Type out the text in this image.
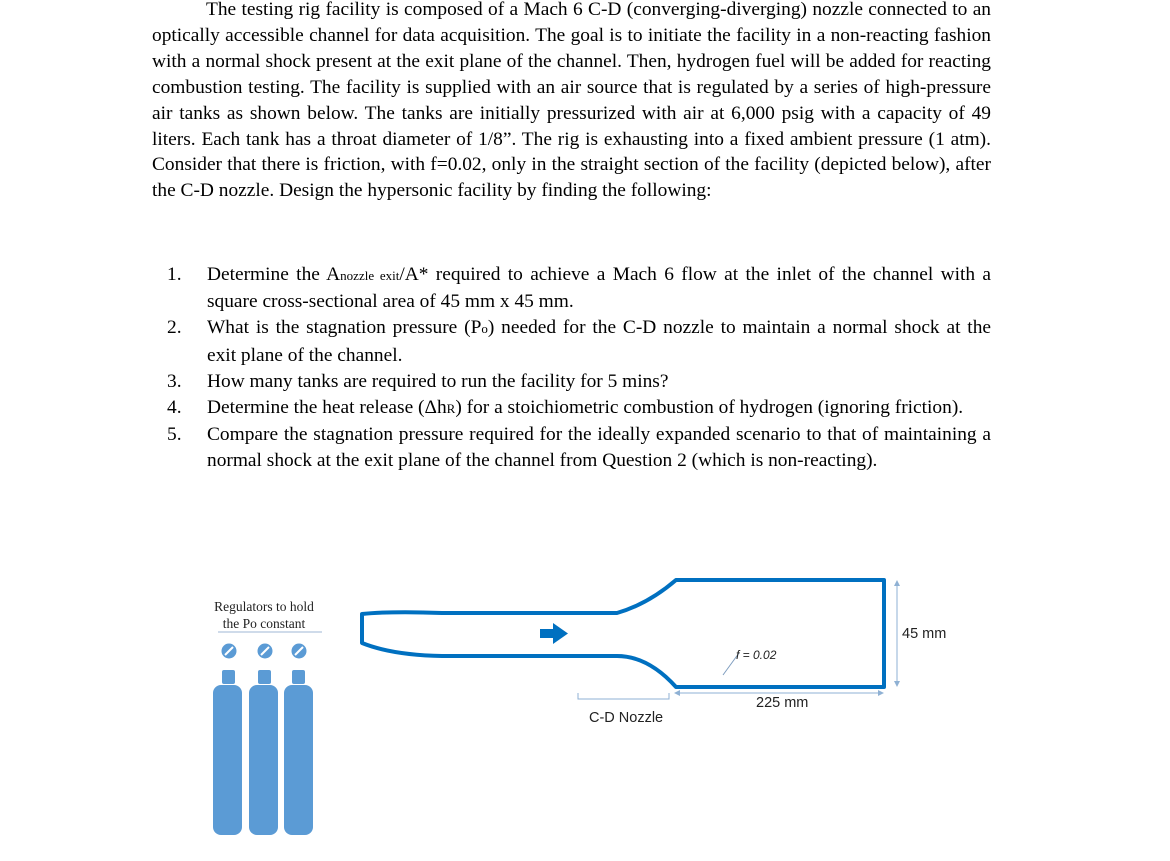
The testing rig facility is composed of a Mach 6 C-D (converging-diverging) nozzle connected to an optically accessible channel for data acquisition. The goal is to initiate the facility in a non-reacting fashion with a normal shock present at the exit plane of the channel. Then, hydrogen fuel will be added for reacting combustion testing. The facility is supplied with an air source that is regulated by a series of high-pressure air tanks as shown below. The tanks are initially pressurized with air at 6,000 psig with a capacity of 49 liters. Each tank has a throat diameter of 1/8”. The rig is exhausting into a fixed ambient pressure (1 atm). Consider that there is friction, with f=0.02, only in the straight section of the facility (depicted below), after the C-D nozzle. Design the hypersonic facility by finding the following:

1. Determine the Anozzle exit/A* required to achieve a Mach 6 flow at the inlet of the channel with a square cross-sectional area of 45 mm x 45 mm.
2. What is the stagnation pressure (Po) needed for the C-D nozzle to maintain a normal shock at the exit plane of the channel.
3. How many tanks are required to run the facility for 5 mins?
4. Determine the heat release (ΔhR) for a stoichiometric combustion of hydrogen (ignoring friction).
5. Compare the stagnation pressure required for the ideally expanded scenario to that of maintaining a normal shock at the exit plane of the channel from Question 2 (which is non-reacting).
Regulators to hold
the Po constant
f = 0.02
45 mm
225 mm
C-D Nozzle
